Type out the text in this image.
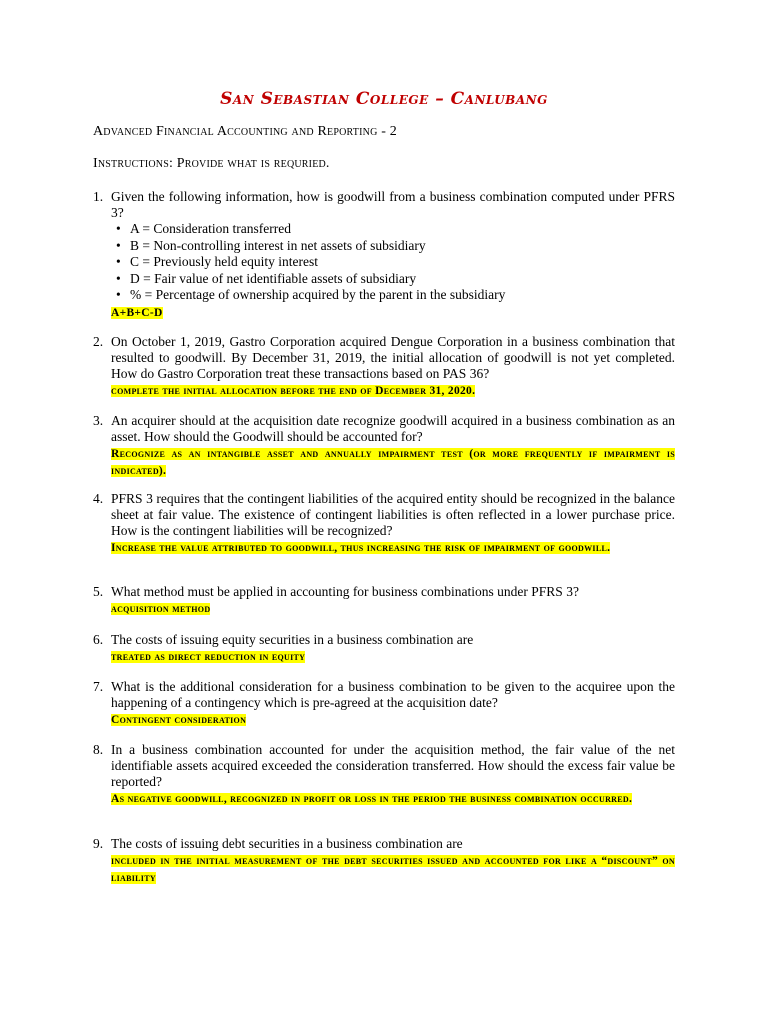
San Sebastian College – Canlubang
Advanced Financial Accounting and Reporting - 2
Instructions: Provide what is requried.
1. Given the following information, how is goodwill from a business combination computed under PFRS 3?
• A = Consideration transferred
• B = Non-controlling interest in net assets of subsidiary
• C = Previously held equity interest
• D = Fair value of net identifiable assets of subsidiary
• % = Percentage of ownership acquired by the parent in the subsidiary
A+B+C-D
2. On October 1, 2019, Gastro Corporation acquired Dengue Corporation in a business combination that resulted to goodwill. By December 31, 2019, the initial allocation of goodwill is not yet completed. How do Gastro Corporation treat these transactions based on PAS 36?
complete the initial allocation before the end of December 31, 2020.
3. An acquirer should at the acquisition date recognize goodwill acquired in a business combination as an asset. How should the Goodwill should be accounted for?
Recognize as an intangible asset and annually impairment test (or more frequently if impairment is indicated).
4. PFRS 3 requires that the contingent liabilities of the acquired entity should be recognized in the balance sheet at fair value. The existence of contingent liabilities is often reflected in a lower purchase price. How is the contingent liabilities will be recognized?
Increase the value attributed to goodwill, thus increasing the risk of impairment of goodwill.
5. What method must be applied in accounting for business combinations under PFRS 3?
acquisition method
6. The costs of issuing equity securities in a business combination are
treated as direct reduction in equity
7. What is the additional consideration for a business combination to be given to the acquiree upon the happening of a contingency which is pre-agreed at the acquisition date?
Contingent consideration
8. In a business combination accounted for under the acquisition method, the fair value of the net identifiable assets acquired exceeded the consideration transferred. How should the excess fair value be reported?
As negative goodwill, recognized in profit or loss in the period the business combination occurred.
9. The costs of issuing debt securities in a business combination are
included in the initial measurement of the debt securities issued and accounted for like a “discount” on liability
